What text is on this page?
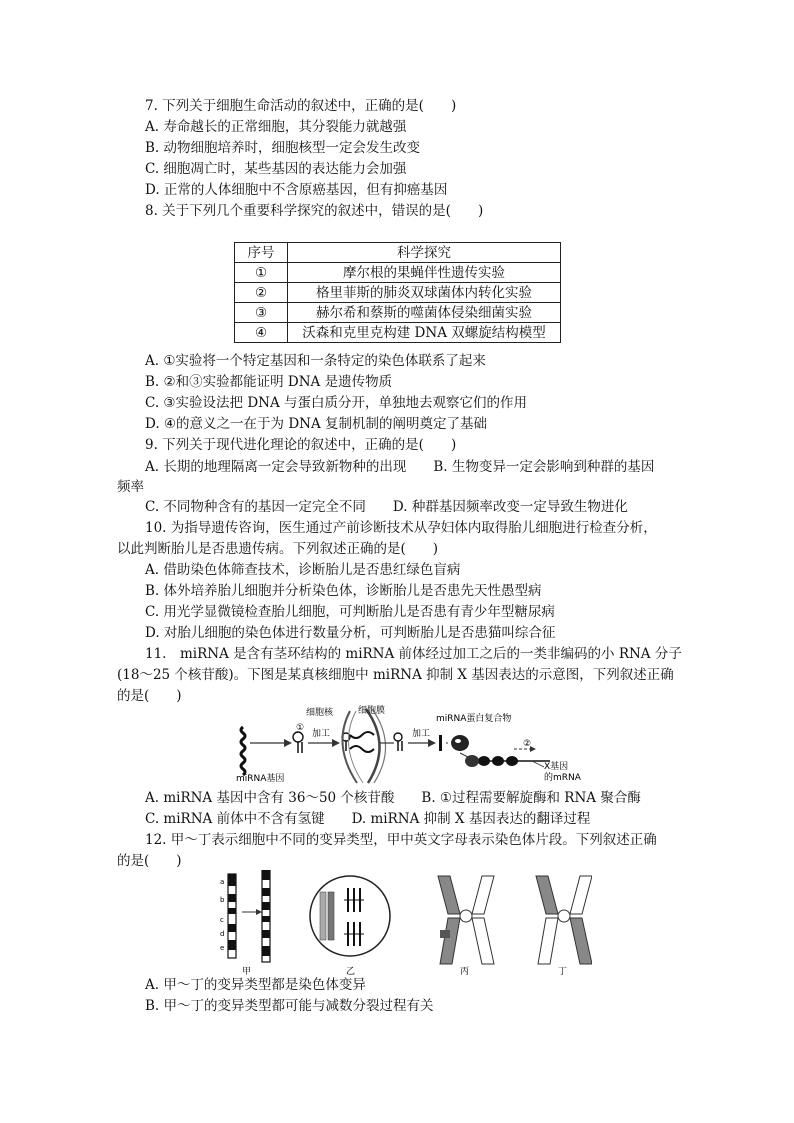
7. 下列关于细胞生命活动的叙述中，正确的是(　　)
A. 寿命越长的正常细胞，其分裂能力就越强
B. 动物细胞培养时，细胞核型一定会发生改变
C. 细胞凋亡时，某些基因的表达能力会加强
D. 正常的人体细胞中不含原癌基因，但有抑癌基因
8. 关于下列几个重要科学探究的叙述中，错误的是(　　)
序号	科学探究
①	摩尔根的果蝇伴性遗传实验
②	格里菲斯的肺炎双球菌体内转化实验
③	赫尔希和蔡斯的噬菌体侵染细菌实验
④	沃森和克里克构建 DNA 双螺旋结构模型
A. ①实验将一个特定基因和一条特定的染色体联系了起来
B. ②和③实验都能证明 DNA 是遗传物质
C. ③实验设法把 DNA 与蛋白质分开，单独地去观察它们的作用
D. ④的意义之一在于为 DNA 复制机制的阐明奠定了基础
9. 下列关于现代进化理论的叙述中，正确的是(　　)
A. 长期的地理隔离一定会导致新物种的出现　　B. 生物变异一定会影响到种群的基因
频率
C. 不同物种含有的基因一定完全不同　　D. 种群基因频率改变一定导致生物进化
10. 为指导遗传咨询，医生通过产前诊断技术从孕妇体内取得胎儿细胞进行检查分析，
以此判断胎儿是否患遗传病。下列叙述正确的是(　　)
A. 借助染色体筛查技术，诊断胎儿是否患红绿色盲病
B. 体外培养胎儿细胞并分析染色体，诊断胎儿是否患先天性愚型病
C. 用光学显微镜检查胎儿细胞，可判断胎儿是否患有青少年型糖尿病
D. 对胎儿细胞的染色体进行数量分析，可判断胎儿是否患猫叫综合征
11.　miRNA 是含有茎环结构的 miRNA 前体经过加工之后的一类非编码的小 RNA 分子
(18～25 个核苷酸)。下图是某真核细胞中 miRNA 抑制 X 基因表达的示意图，下列叙述正确
的是(　　)
①
加工
细胞核	细胞膜
加工
miRNA蛋白复合物
②
X基因
的mRNA
miRNA基因
A. miRNA 基因中含有 36～50 个核苷酸　　B. ①过程需要解旋酶和 RNA 聚合酶
C. miRNA 前体中不含有氢键　　D. miRNA 抑制 X 基因表达的翻译过程
12. 甲～丁表示细胞中不同的变异类型，甲中英文字母表示染色体片段。下列叙述正确
的是(　　)
a
b
c
d
e
甲	乙	丙	丁
A. 甲～丁的变异类型都是染色体变异
B. 甲～丁的变异类型都可能与减数分裂过程有关
